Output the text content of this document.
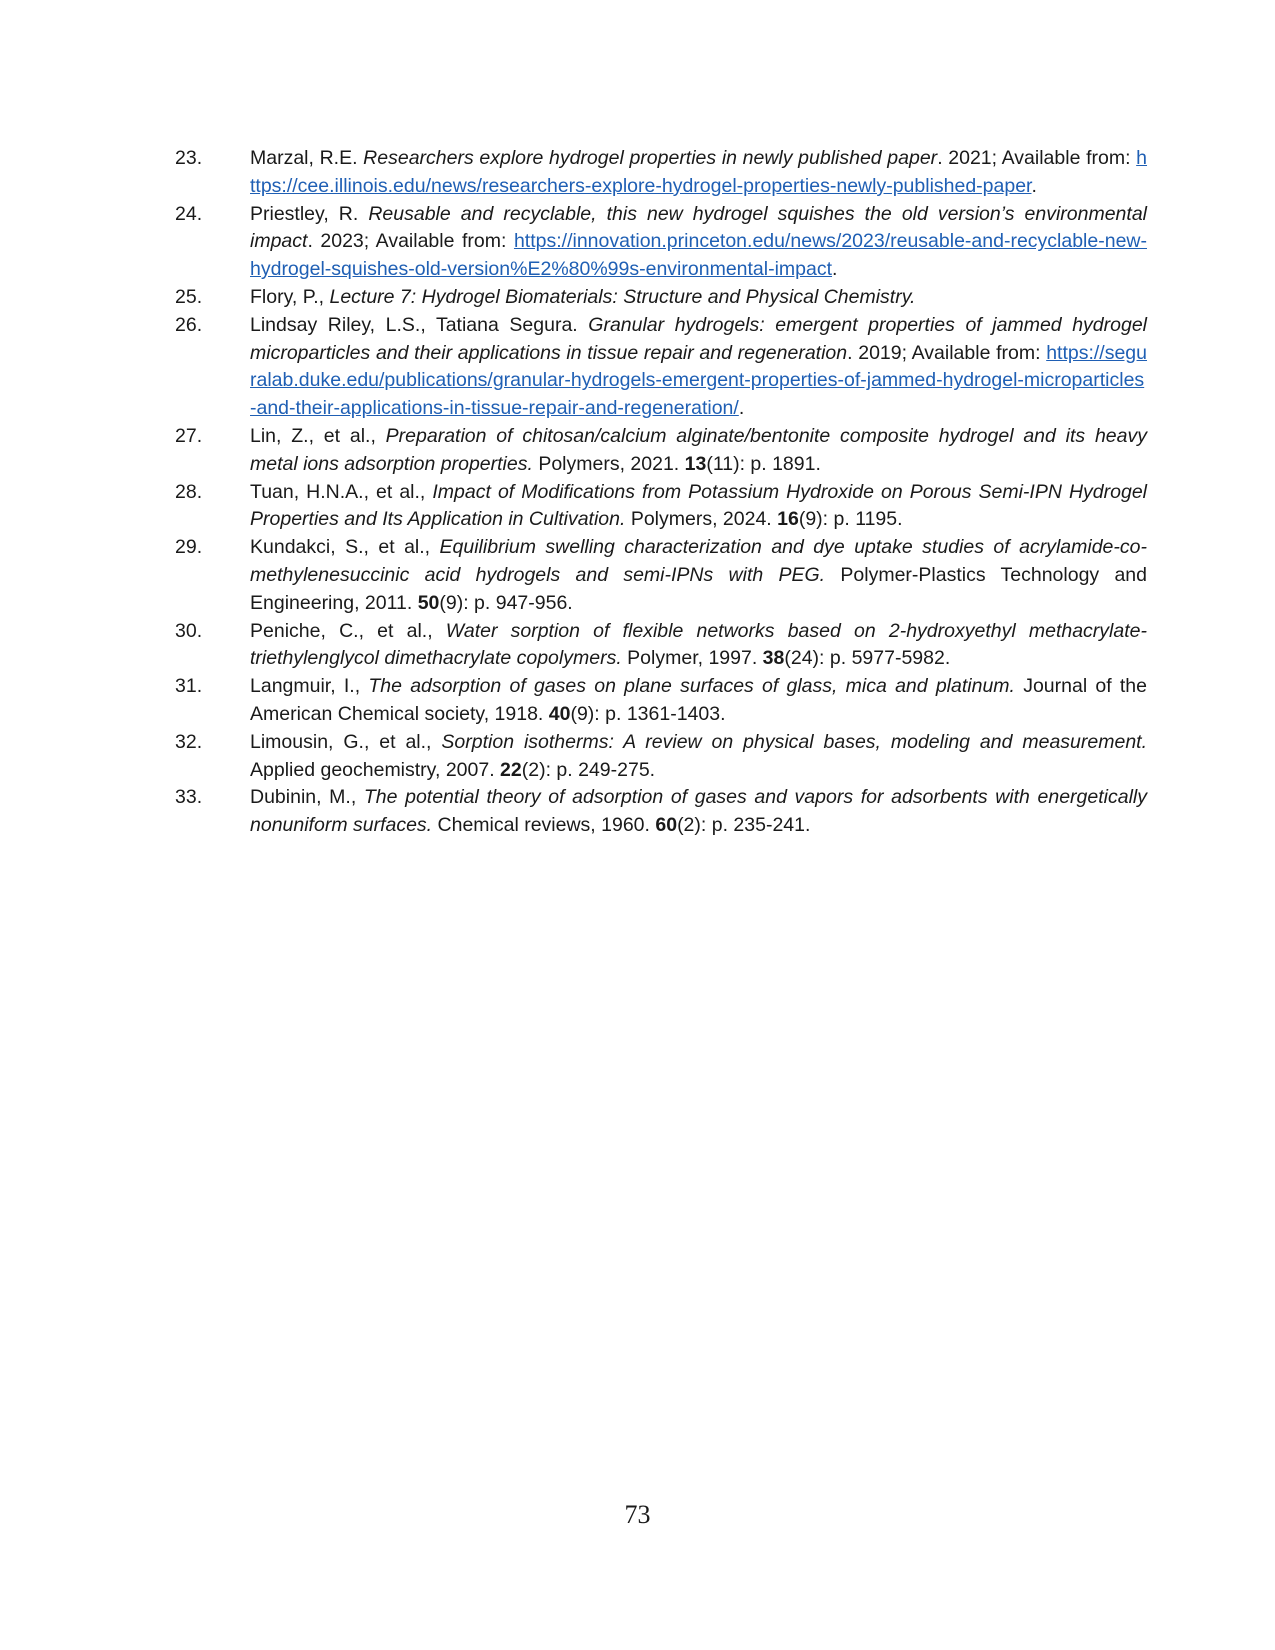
23.	Marzal, R.E. Researchers explore hydrogel properties in newly published paper. 2021; Available from: https://cee.illinois.edu/news/researchers-explore-hydrogel-properties-newly-published-paper.
24.	Priestley, R. Reusable and recyclable, this new hydrogel squishes the old version’s environmental impact. 2023; Available from: https://innovation.princeton.edu/news/2023/reusable-and-recyclable-new-hydrogel-squishes-old-version%E2%80%99s-environmental-impact.
25.	Flory, P., Lecture 7: Hydrogel Biomaterials: Structure and Physical Chemistry.
26.	Lindsay Riley, L.S., Tatiana Segura. Granular hydrogels: emergent properties of jammed hydrogel microparticles and their applications in tissue repair and regeneration. 2019; Available from: https://seguralab.duke.edu/publications/granular-hydrogels-emergent-properties-of-jammed-hydrogel-microparticles-and-their-applications-in-tissue-repair-and-regeneration/.
27.	Lin, Z., et al., Preparation of chitosan/calcium alginate/bentonite composite hydrogel and its heavy metal ions adsorption properties. Polymers, 2021. 13(11): p. 1891.
28.	Tuan, H.N.A., et al., Impact of Modifications from Potassium Hydroxide on Porous Semi-IPN Hydrogel Properties and Its Application in Cultivation. Polymers, 2024. 16(9): p. 1195.
29.	Kundakci, S., et al., Equilibrium swelling characterization and dye uptake studies of acrylamide-co-methylenesuccinic acid hydrogels and semi-IPNs with PEG. Polymer-Plastics Technology and Engineering, 2011. 50(9): p. 947-956.
30.	Peniche, C., et al., Water sorption of flexible networks based on 2-hydroxyethyl methacrylate-triethylenglycol dimethacrylate copolymers. Polymer, 1997. 38(24): p. 5977-5982.
31.	Langmuir, I., The adsorption of gases on plane surfaces of glass, mica and platinum. Journal of the American Chemical society, 1918. 40(9): p. 1361-1403.
32.	Limousin, G., et al., Sorption isotherms: A review on physical bases, modeling and measurement. Applied geochemistry, 2007. 22(2): p. 249-275.
33.	Dubinin, M., The potential theory of adsorption of gases and vapors for adsorbents with energetically nonuniform surfaces. Chemical reviews, 1960. 60(2): p. 235-241.
73
